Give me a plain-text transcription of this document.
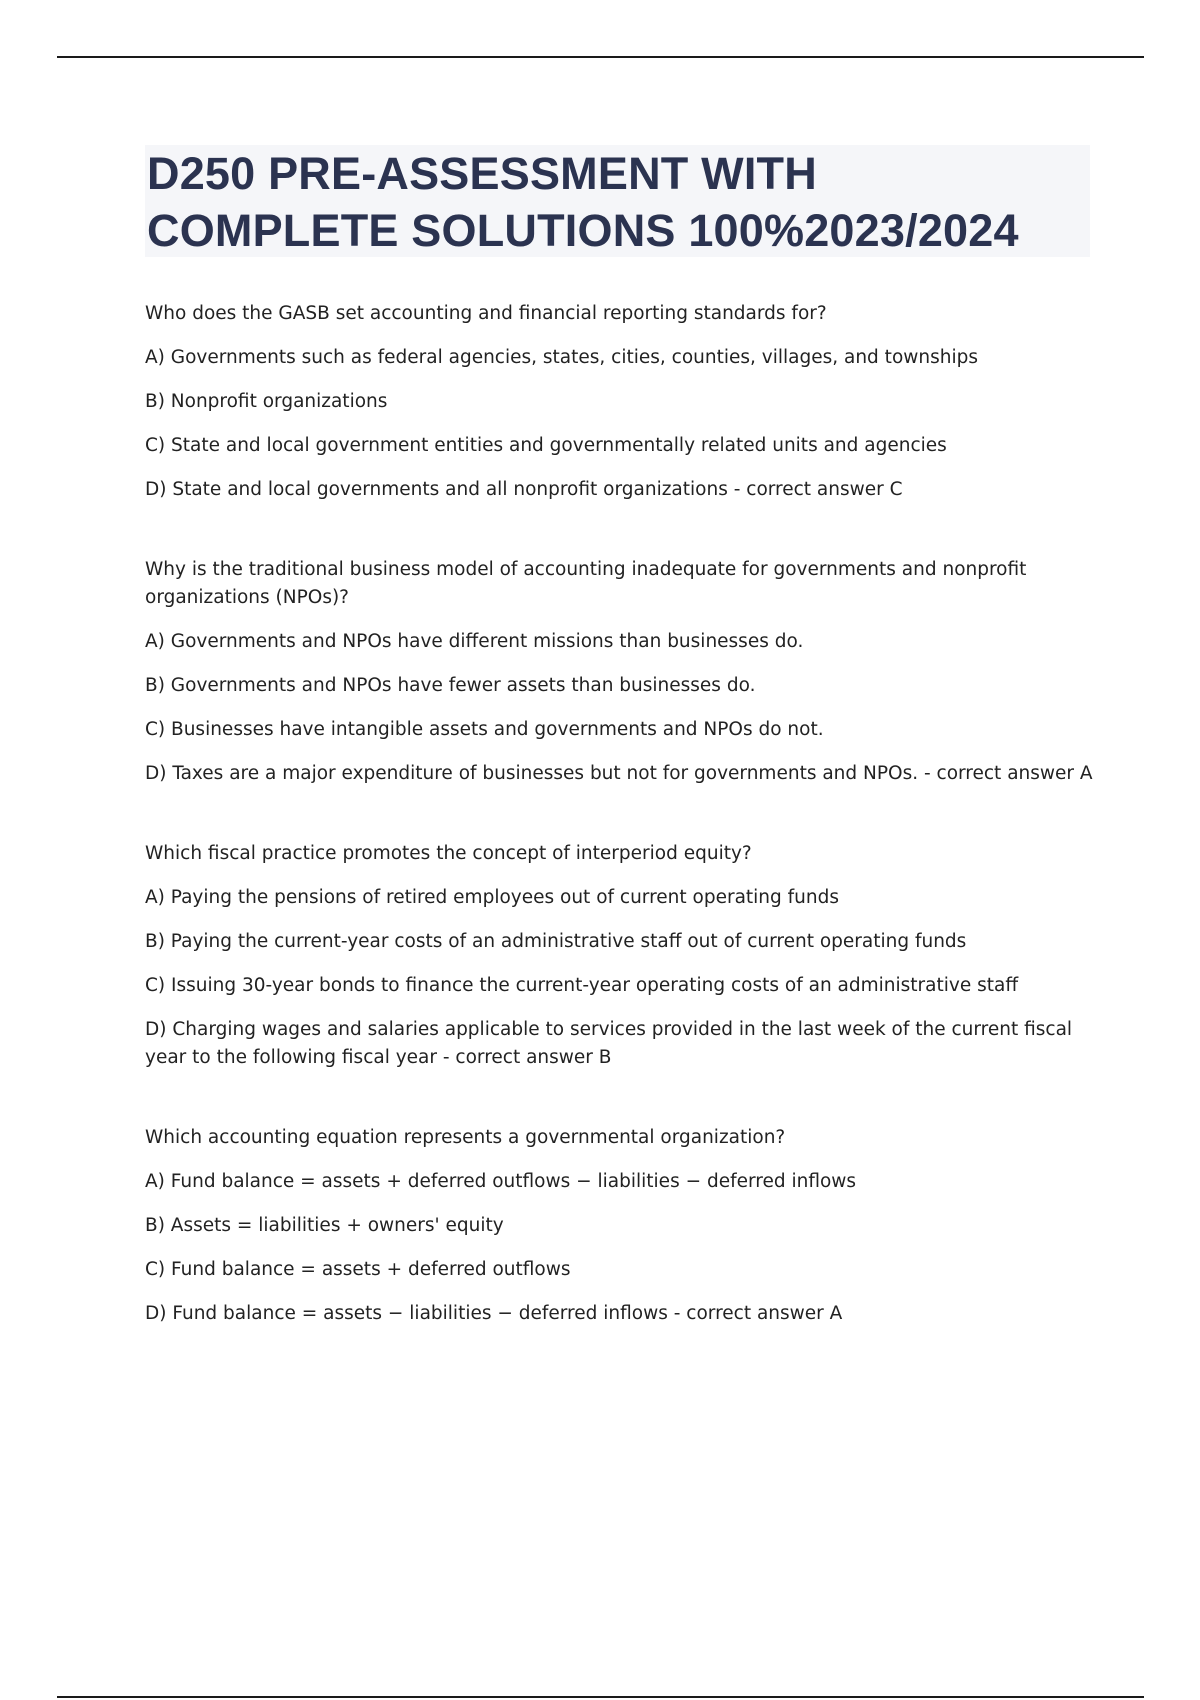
D250 PRE-ASSESSMENT WITH
COMPLETE SOLUTIONS 100%2023/2024

Who does the GASB set accounting and financial reporting standards for?

A) Governments such as federal agencies, states, cities, counties, villages, and townships

B) Nonprofit organizations

C) State and local government entities and governmentally related units and agencies

D) State and local governments and all nonprofit organizations - correct answer C

Why is the traditional business model of accounting inadequate for governments and nonprofit organizations (NPOs)?

A) Governments and NPOs have different missions than businesses do.

B) Governments and NPOs have fewer assets than businesses do.

C) Businesses have intangible assets and governments and NPOs do not.

D) Taxes are a major expenditure of businesses but not for governments and NPOs. - correct answer A

Which fiscal practice promotes the concept of interperiod equity?

A) Paying the pensions of retired employees out of current operating funds

B) Paying the current-year costs of an administrative staff out of current operating funds

C) Issuing 30-year bonds to finance the current-year operating costs of an administrative staff

D) Charging wages and salaries applicable to services provided in the last week of the current fiscal year to the following fiscal year - correct answer B

Which accounting equation represents a governmental organization?

A) Fund balance = assets + deferred outflows − liabilities − deferred inflows

B) Assets = liabilities + owners' equity

C) Fund balance = assets + deferred outflows

D) Fund balance = assets − liabilities − deferred inflows - correct answer A
